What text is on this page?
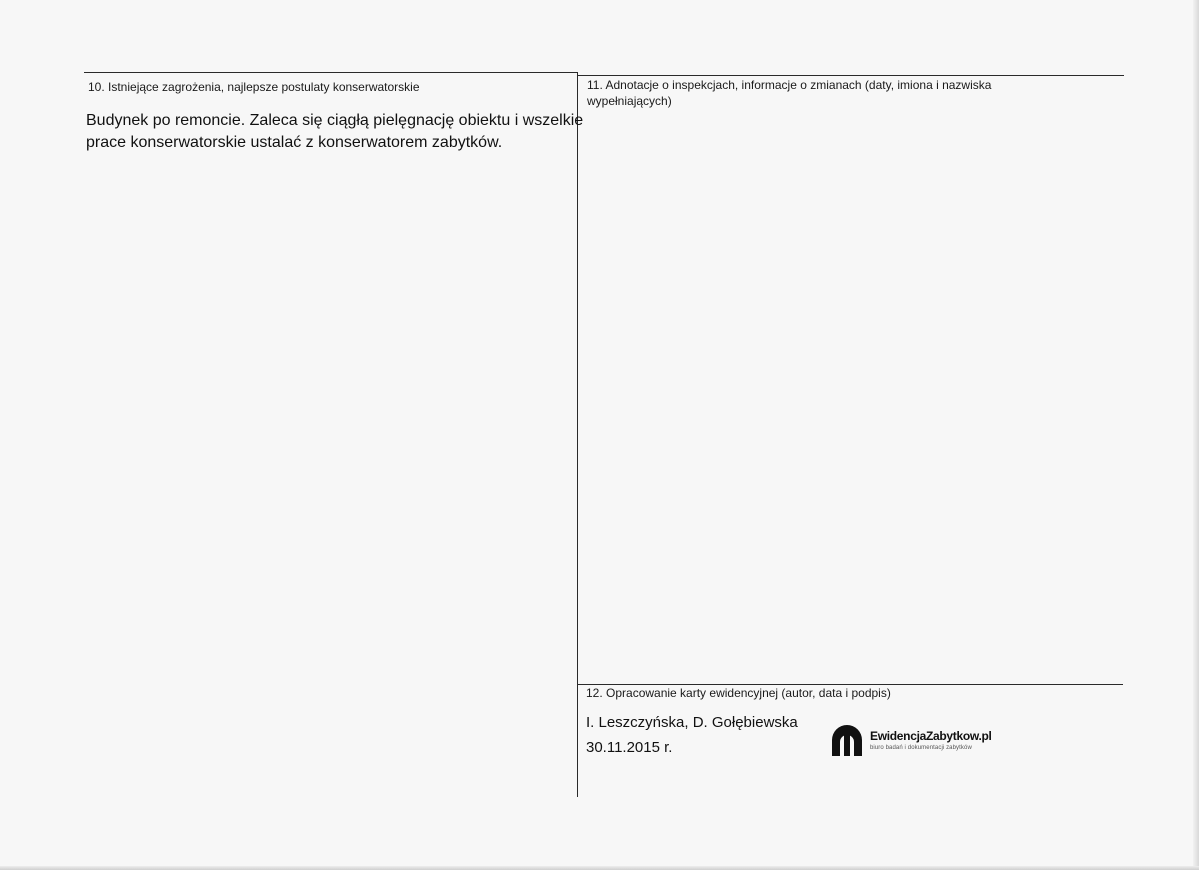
10. Istniejące zagrożenia, najlepsze postulaty konserwatorskie
Budynek po remoncie. Zaleca się ciągłą pielęgnację obiektu i wszelkie
prace konserwatorskie ustalać z konserwatorem zabytków.
11. Adnotacje o inspekcjach, informacje o zmianach (daty, imiona i nazwiska
wypełniających)
12. Opracowanie karty ewidencyjnej (autor, data i podpis)
I. Leszczyńska, D. Gołębiewska
30.11.2015 r.
EwidencjaZabytkow.pl
biuro badań i dokumentacji zabytków
